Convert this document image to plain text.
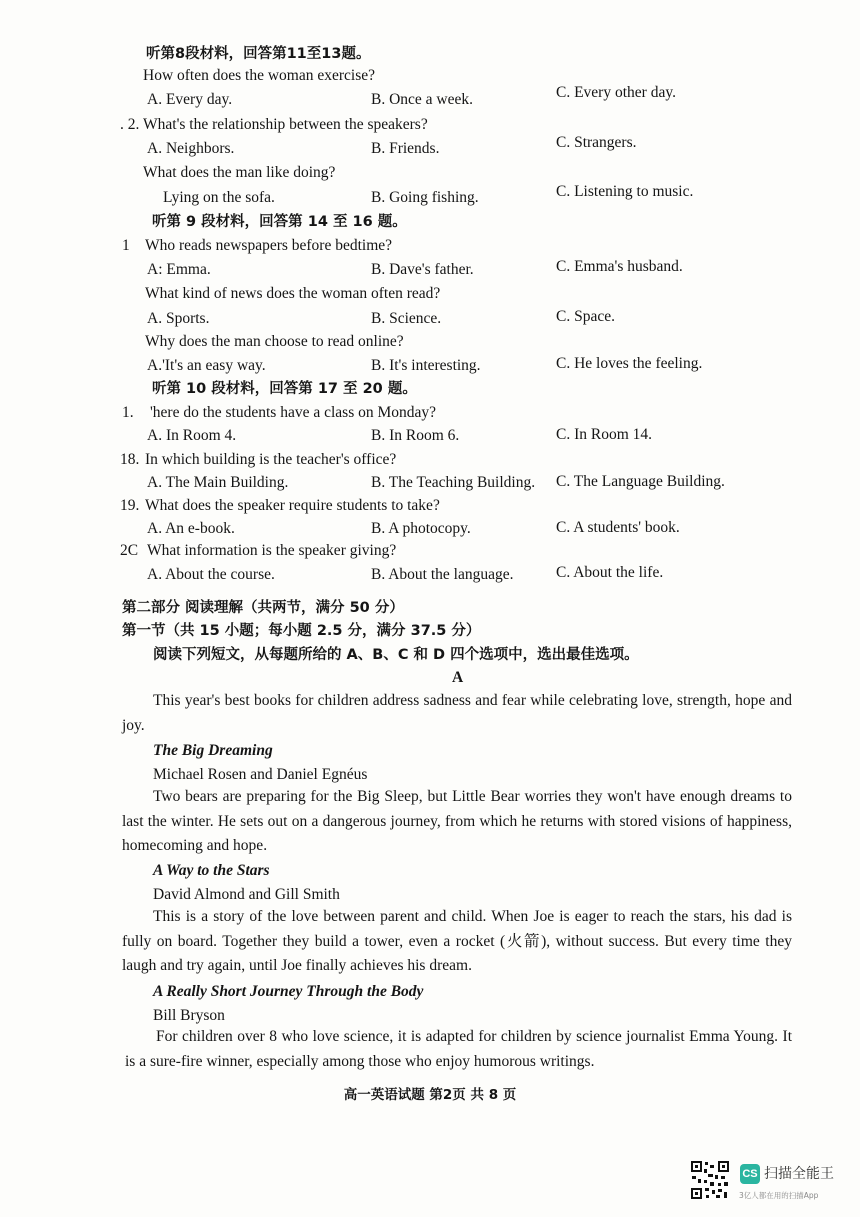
听第8段材料，回答第11至13题。
How often does the woman exercise?
A. Every day.	B. Once a week.	C. Every other day.
. 2. What's the relationship between the speakers?
A. Neighbors.	B. Friends.	C. Strangers.
What does the man like doing?
Lying on the sofa.	B. Going fishing.	C. Listening to music.
听第 9 段材料，回答第 14 至 16 题。
1 Who reads newspapers before bedtime?
A: Emma.	B. Dave's father.	C. Emma's husband.
What kind of news does the woman often read?
A. Sports.	B. Science.	C. Space.
Why does the man choose to read online?
A.'It's an easy way.	B. It's interesting.	C. He loves the feeling.
听第 10 段材料，回答第 17 至 20 题。
1. 'here do the students have a class on Monday?
A. In Room 4.	B. In Room 6.	C. In Room 14.
18. In which building is the teacher's office?
A. The Main Building.	B. The Teaching Building. C. The Language Building.
19. What does the speaker require students to take?
A. An e-book.	B. A photocopy.	C. A students' book.
2C What information is the speaker giving?
A. About the course.	B. About the language.	C. About the life.
第二部分 阅读理解（共两节，满分 50 分）
第一节（共 15 小题；每小题 2.5 分，满分 37.5 分）
阅读下列短文，从每题所给的 A、B、C 和 D 四个选项中，选出最佳选项。
A
This year's best books for children address sadness and fear while celebrating love, strength, hope and joy.
The Big Dreaming
Michael Rosen and Daniel Egnéus
Two bears are preparing for the Big Sleep, but Little Bear worries they won't have enough dreams to last the winter. He sets out on a dangerous journey, from which he returns with stored visions of happiness, homecoming and hope.
A Way to the Stars
David Almond and Gill Smith
This is a story of the love between parent and child. When Joe is eager to reach the stars, his dad is fully on board. Together they build a tower, even a rocket (火箭), without success. But every time they laugh and try again, until Joe finally achieves his dream.
A Really Short Journey Through the Body
Bill Bryson
For children over 8 who love science, it is adapted for children by science journalist Emma Young. It is a sure-fire winner, especially among those who enjoy humorous writings.
高一英语试题 第2页 共 8 页
CS 扫描全能王
3亿人都在用的扫描App
